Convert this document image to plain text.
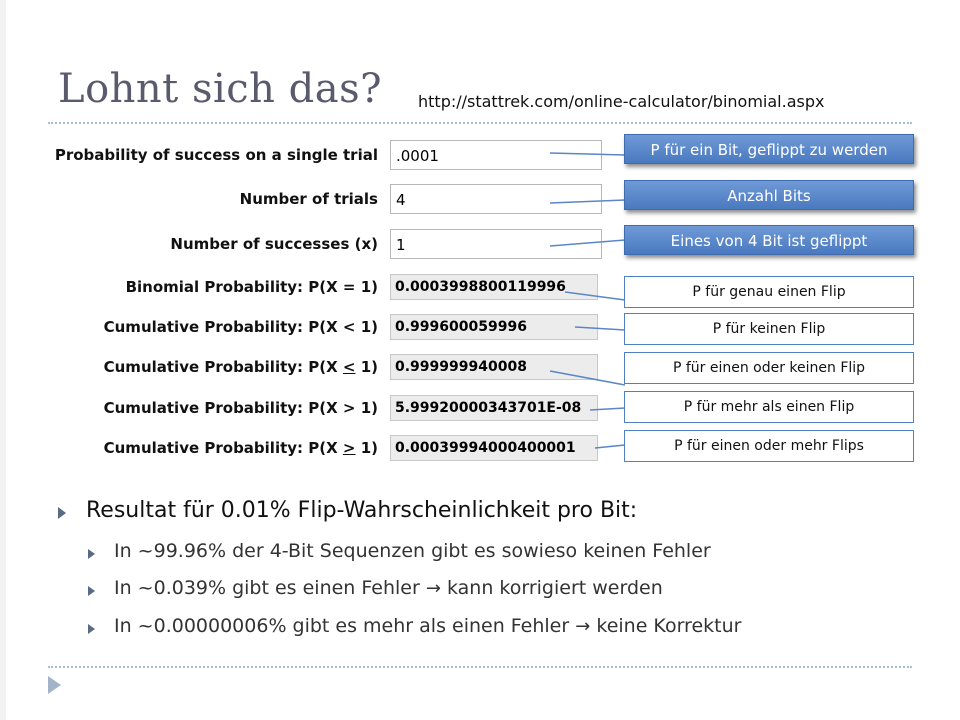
Lohnt sich das? http://stattrek.com/online-calculator/binomial.aspx
Probability of success on a single trial
Number of trials
Number of successes (x)
.0001
4
1
Binomial Probability: P(X = 1)
Cumulative Probability: P(X < 1)
Cumulative Probability: P(X < 1)
Cumulative Probability: P(X > 1)
Cumulative Probability: P(X > 1)
0.0003998800119996
0.999600059996
0.999999940008
5.99920000343701E-08
0.00039994000400001
P für ein Bit, geflippt zu werden
Anzahl Bits
Eines von 4 Bit ist geflippt
P für genau einen Flip
P für keinen Flip
P für einen oder keinen Flip
P für mehr als einen Flip
P für einen oder mehr Flips
Resultat für 0.01% Flip-Wahrscheinlichkeit pro Bit:
In ~99.96% der 4-Bit Sequenzen gibt es sowieso keinen Fehler
In ~0.039% gibt es einen Fehler → kann korrigiert werden
In ~0.00000006% gibt es mehr als einen Fehler → keine Korrektur
